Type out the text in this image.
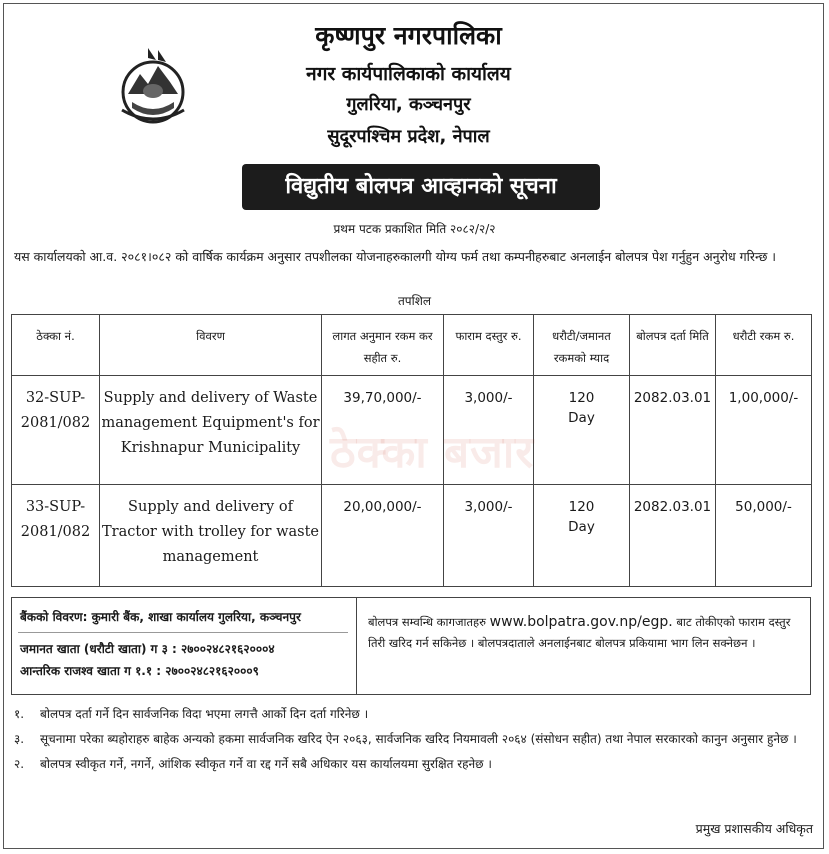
कृष्णपुर नगरपालिका
नगर कार्यपालिकाको कार्यालय
गुलरिया, कञ्चनपुर
सुदूरपश्चिम प्रदेश, नेपाल
विद्युतीय बोलपत्र आव्हानको सूचना
प्रथम पटक प्रकाशित मिति २०८२/२/२
यस कार्यालयको आ.व. २०८१।०८२ को वार्षिक कार्यक्रम अनुसार तपशीलका योजनाहरुकालगी योग्य फर्म तथा कम्पनीहरुबाट अनलाईन बोलपत्र पेश गर्नुहुन अनुरोध गरिन्छ ।
तपशिल
ठेक्का नं.	विवरण	लागत अनुमान रकम कर सहीत रु.	फाराम दस्तुर रु.	धरौटी/जमानत रकमको म्याद	बोलपत्र दर्ता मिति	धरौटी रकम रु.
32-SUP-2081/082	Supply and delivery of Waste management Equipment's for Krishnapur Municipality	39,70,000/-	3,000/-	120 Day	2082.03.01	1,00,000/-
33-SUP-2081/082	Supply and delivery of Tractor with trolley for waste management	20,00,000/-	3,000/-	120 Day	2082.03.01	50,000/-
ठेक्का बजार
बैंकको विवरण: कुमारी बैंक, शाखा कार्यालय गुलरिया, कञ्चनपुर
जमानत खाता (धरौटी खाता) ग ३ : २७००२४८२१६२०००४
आन्तरिक राजश्व खाता ग १.१ : २७००२४८२१६२०००९
बोलपत्र सम्वन्धि कागजातहरु www.bolpatra.gov.np/egp. बाट तोकीएको फाराम दस्तुर तिरी खरिद गर्न सकिनेछ । बोलपत्रदाताले अनलाईनबाट बोलपत्र प्रकियामा भाग लिन सक्नेछन ।
१. बोलपत्र दर्ता गर्ने दिन सार्वजनिक विदा भएमा लगत्तै आर्को दिन दर्ता गरिनेछ ।
३. सूचनामा परेका ब्यहोराहरु बाहेक अन्यको हकमा सार्वजनिक खरिद ऐन २०६३, सार्वजनिक खरिद नियमावली २०६४ (संसोधन सहीत) तथा नेपाल सरकारको कानुन अनुसार हुनेछ ।
२. बोलपत्र स्वीकृत गर्ने, नगर्ने, आंशिक स्वीकृत गर्ने वा रद्द गर्ने सबै अधिकार यस कार्यालयमा सुरक्षित रहनेछ ।
प्रमुख प्रशासकीय अधिकृत
